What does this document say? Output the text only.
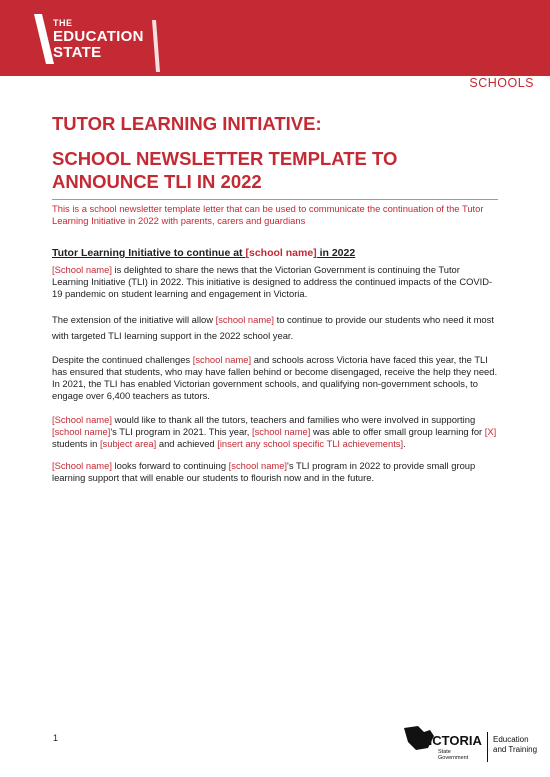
THE
EDUCATION
STATE
SCHOOLS
TUTOR LEARNING INITIATIVE:
SCHOOL NEWSLETTER TEMPLATE TO ANNOUNCE TLI IN 2022
This is a school newsletter template letter that can be used to communicate the continuation of the Tutor Learning Initiative in 2022 with parents, carers and guardians
Tutor Learning Initiative to continue at [school name] in 2022

[School name] is delighted to share the news that the Victorian Government is continuing the Tutor Learning Initiative (TLI) in 2022. This initiative is designed to address the continued impacts of the COVID-19 pandemic on student learning and engagement in Victoria.

The extension of the initiative will allow [school name] to continue to provide our students who need it most with targeted TLI learning support in the 2022 school year.

Despite the continued challenges [school name] and schools across Victoria have faced this year, the TLI has ensured that students, who may have fallen behind or become disengaged, receive the help they need. In 2021, the TLI has enabled Victorian government schools, and qualifying non-government schools, to engage over 6,400 teachers as tutors.

[School name] would like to thank all the tutors, teachers and families who were involved in supporting [school name]'s TLI program in 2021. This year, [school name] was able to offer small group learning for [X] students in [subject area] and achieved [insert any school specific TLI achievements].

[School name] looks forward to continuing [school name]'s TLI program in 2022 to provide small group learning support that will enable our students to flourish now and in the future.

1	VICTORIA
State
Government
Education
and Training
